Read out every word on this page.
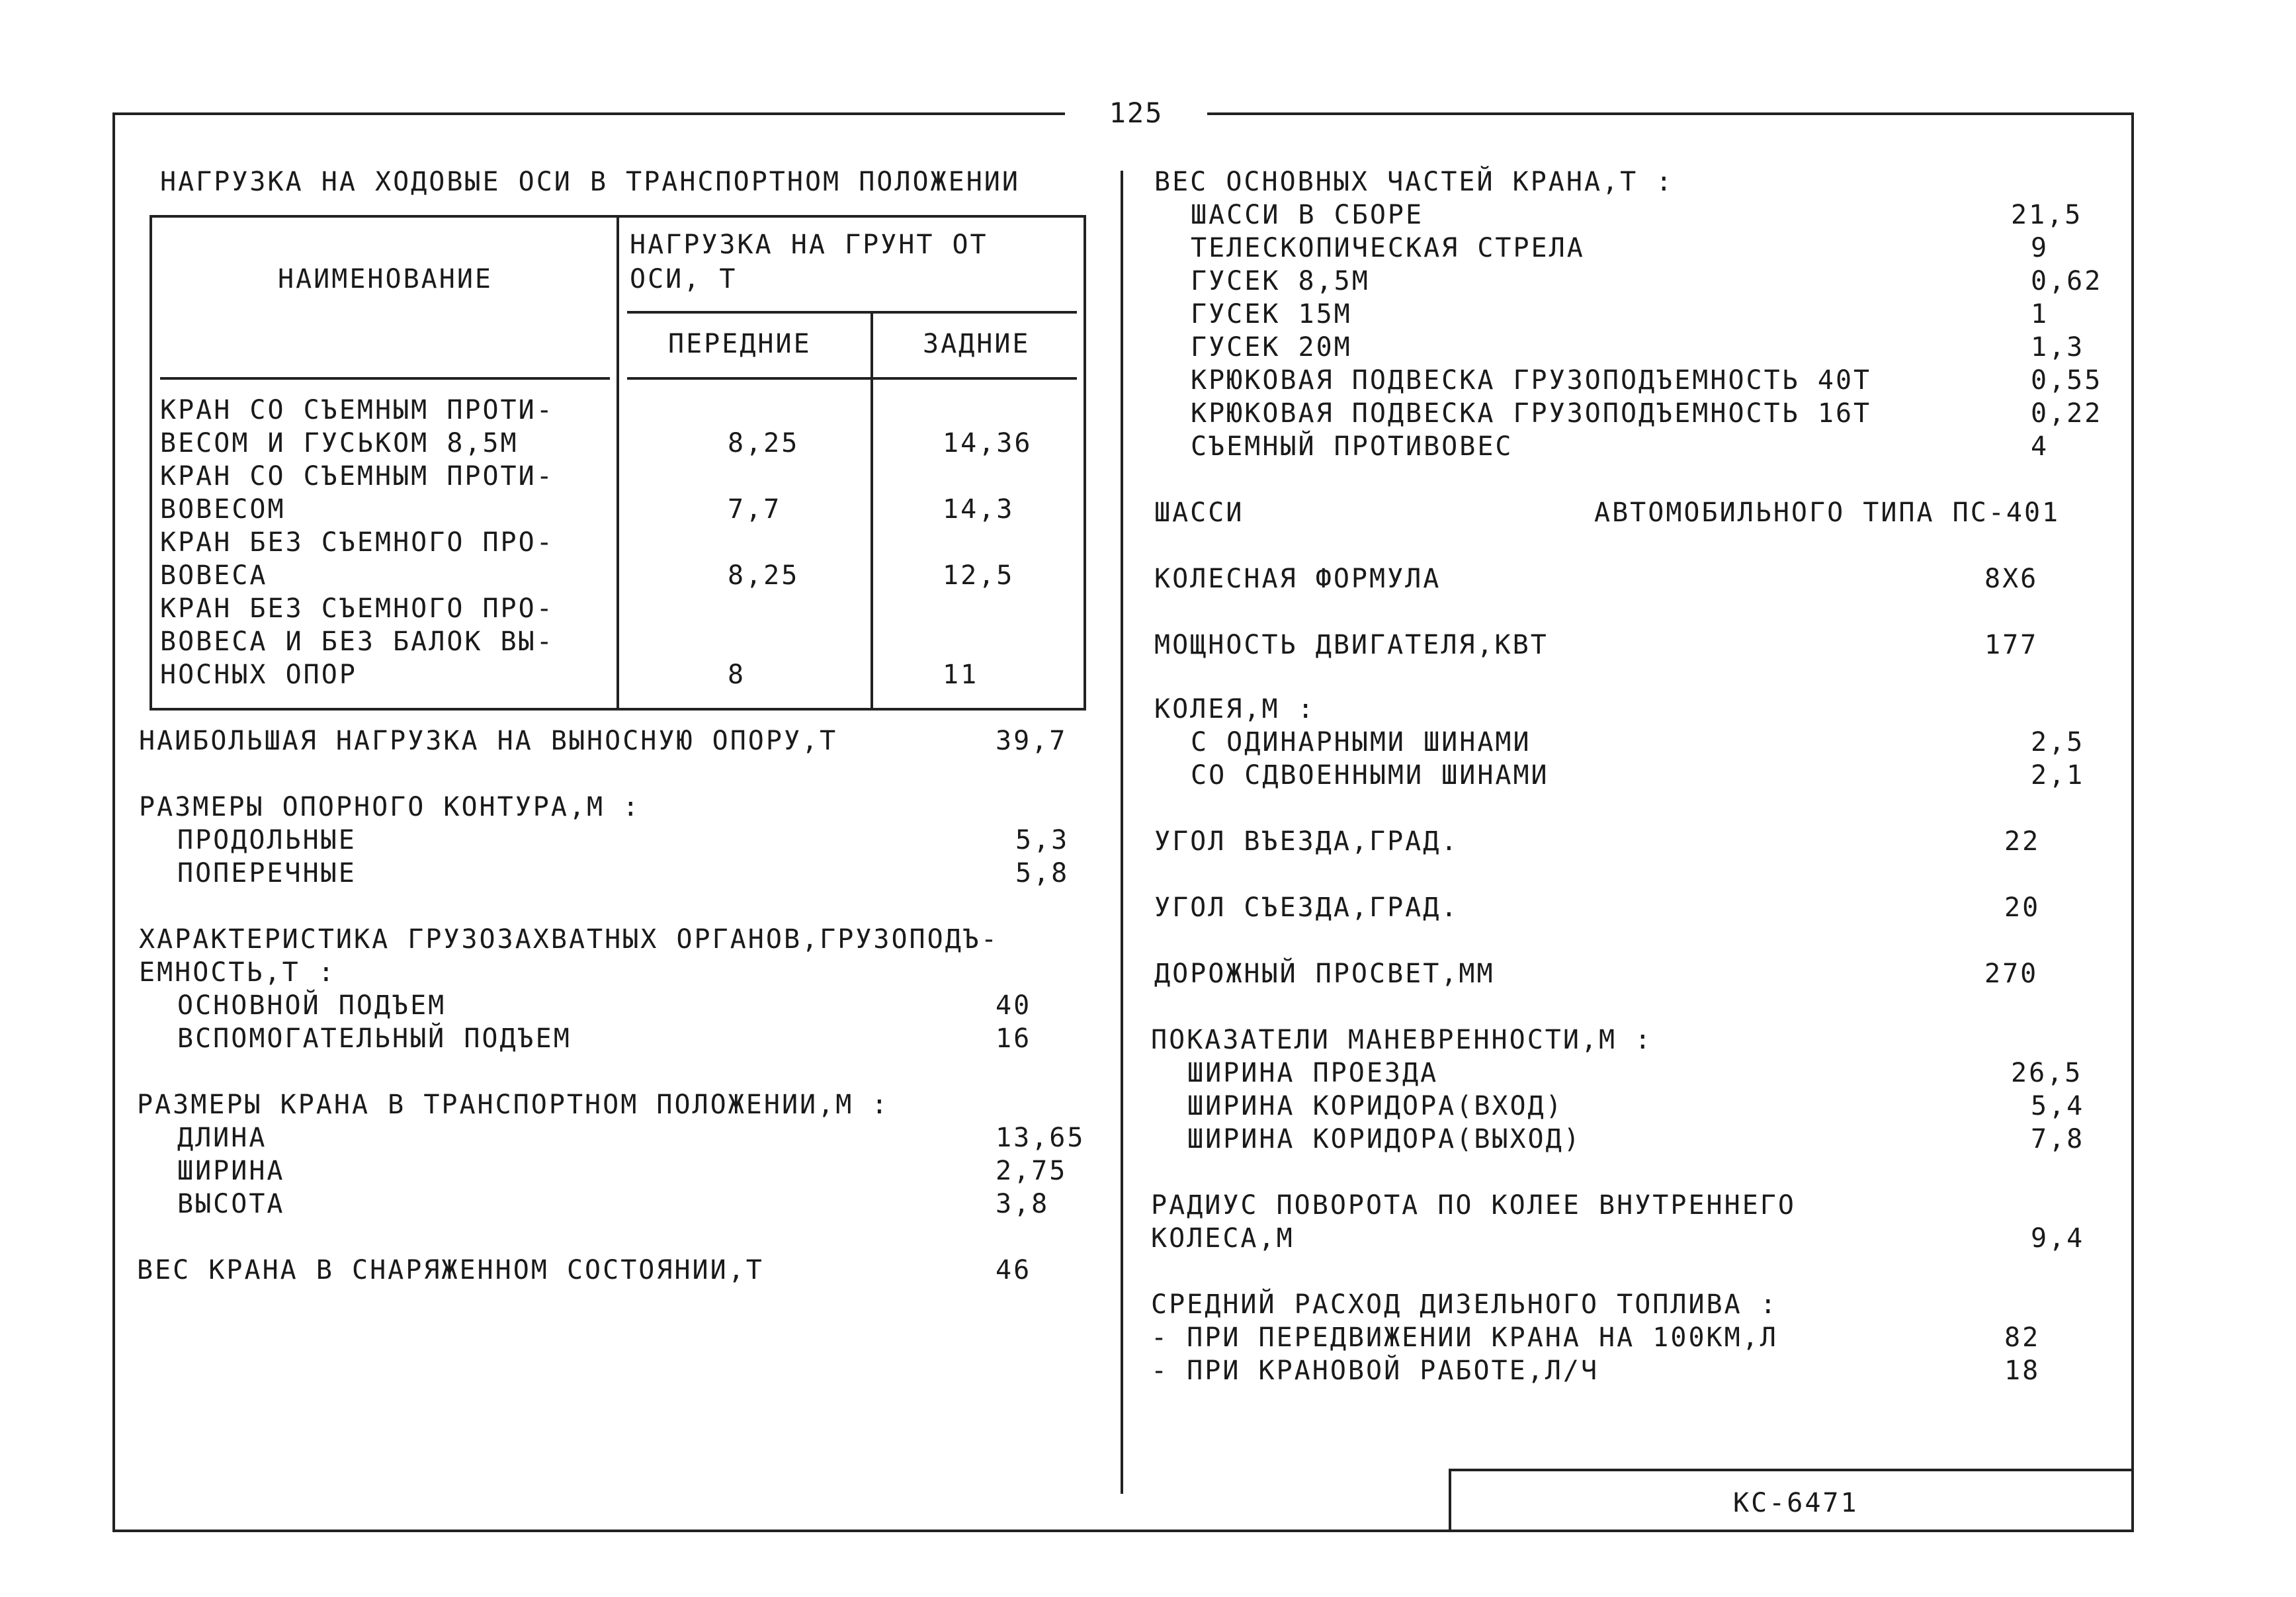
125
НАГРУЗКА НА ХОДОВЫЕ ОСИ В ТРАНСПОРТНОМ ПОЛОЖЕНИИ
НАИМЕНОВАНИЕ
НАГРУЗКА НА ГРУНТ ОТ
ОСИ, Т
ПЕРЕДНИЕ	ЗАДНИЕ
КРАН СО СЪЕМНЫМ ПРОТИ-
ВЕСОМ И ГУСЬКОМ 8,5М	8,25	14,36
КРАН СО СЪЕМНЫМ ПРОТИ-
ВОВЕСОМ	7,7	14,3
КРАН БЕЗ СЪЕМНОГО ПРО-
ВОВЕСА	8,25	12,5
КРАН БЕЗ СЪЕМНОГО ПРО-
ВОВЕСА И БЕЗ БАЛОК ВЫ-
НОСНЫХ ОПОР	8	11
НАИБОЛЬШАЯ НАГРУЗКА НА ВЫНОСНУЮ ОПОРУ,Т	39,7
РАЗМЕРЫ ОПОРНОГО КОНТУРА,М :
ПРОДОЛЬНЫЕ	5,3
ПОПЕРЕЧНЫЕ	5,8
ХАРАКТЕРИСТИКА ГРУЗОЗАХВАТНЫХ ОРГАНОВ,ГРУЗОПОДЪ-
ЕМНОСТЬ,Т :
ОСНОВНОЙ ПОДЪЕМ	40
ВСПОМОГАТЕЛЬНЫЙ ПОДЪЕМ	16
РАЗМЕРЫ КРАНА В ТРАНСПОРТНОМ ПОЛОЖЕНИИ,М :
ДЛИНА	13,65
ШИРИНА	2,75
ВЫСОТА	3,8
ВЕС КРАНА В СНАРЯЖЕННОМ СОСТОЯНИИ,Т	46
ВЕС ОСНОВНЫХ ЧАСТЕЙ КРАНА,Т :
ШАССИ В СБОРЕ	21,5
ТЕЛЕСКОПИЧЕСКАЯ СТРЕЛА	9
ГУСЕК 8,5М	0,62
ГУСЕК 15М	1
ГУСЕК 20М	1,3
КРЮКОВАЯ ПОДВЕСКА ГРУЗОПОДЪЕМНОСТЬ 40Т	0,55
КРЮКОВАЯ ПОДВЕСКА ГРУЗОПОДЪЕМНОСТЬ 16Т	0,22
СЪЕМНЫЙ ПРОТИВОВЕС	4
ШАССИ	АВТОМОБИЛЬНОГО ТИПА ПС-401
КОЛЕСНАЯ ФОРМУЛА	8Х6
МОЩНОСТЬ ДВИГАТЕЛЯ,КВТ	177
КОЛЕЯ,М :
С ОДИНАРНЫМИ ШИНАМИ	2,5
СО СДВОЕННЫМИ ШИНАМИ	2,1
УГОЛ ВЪЕЗДА,ГРАД.	22
УГОЛ СЪЕЗДА,ГРАД.	20
ДОРОЖНЫЙ ПРОСВЕТ,ММ	270
ПОКАЗАТЕЛИ МАНЕВРЕННОСТИ,М :
ШИРИНА ПРОЕЗДА	26,5
ШИРИНА КОРИДОРА(ВХОД)	5,4
ШИРИНА КОРИДОРА(ВЫХОД)	7,8
РАДИУС ПОВОРОТА ПО КОЛЕЕ ВНУТРЕННЕГО
КОЛЕСА,М	9,4
СРЕДНИЙ РАСХОД ДИЗЕЛЬНОГО ТОПЛИВА :
- ПРИ ПЕРЕДВИЖЕНИИ КРАНА НА 100КМ,Л	82
- ПРИ КРАНОВОЙ РАБОТЕ,Л/Ч	18
КС-6471
